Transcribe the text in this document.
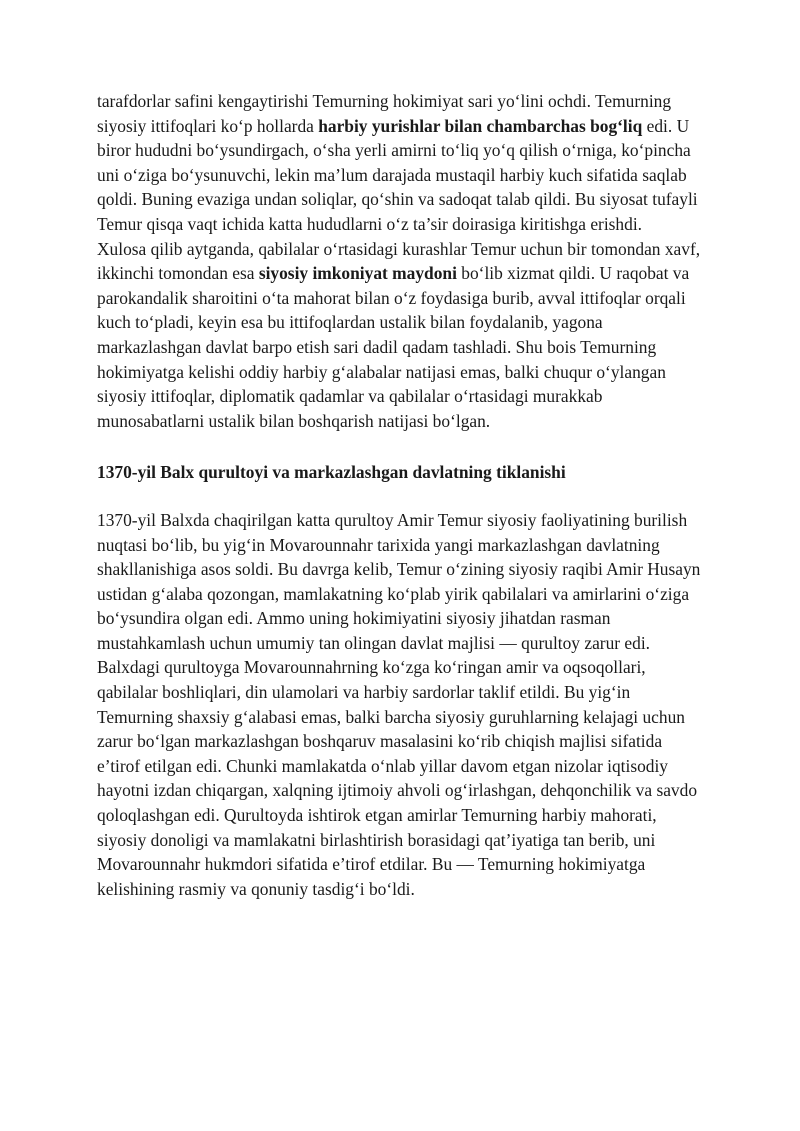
tarafdorlar safini kengaytirishi Temurning hokimiyat sari yo‘lini ochdi. Temurning siyosiy ittifoqlari ko‘p hollarda harbiy yurishlar bilan chambarchas bog‘liq edi. U biror hududni bo‘ysundirgach, o‘sha yerli amirni to‘liq yo‘q qilish o‘rniga, ko‘pincha uni o‘ziga bo‘ysunuvchi, lekin ma’lum darajada mustaqil harbiy kuch sifatida saqlab qoldi. Buning evaziga undan soliqlar, qo‘shin va sadoqat talab qildi. Bu siyosat tufayli Temur qisqa vaqt ichida katta hududlarni o‘z ta’sir doirasiga kiritishga erishdi.

Xulosa qilib aytganda, qabilalar o‘rtasidagi kurashlar Temur uchun bir tomondan xavf, ikkinchi tomondan esa siyosiy imkoniyat maydoni bo‘lib xizmat qildi. U raqobat va parokandalik sharoitini o‘ta mahorat bilan o‘z foydasiga burib, avval ittifoqlar orqali kuch to‘pladi, keyin esa bu ittifoqlardan ustalik bilan foydalanib, yagona markazlashgan davlat barpo etish sari dadil qadam tashladi. Shu bois Temurning hokimiyatga kelishi oddiy harbiy g‘alabalar natijasi emas, balki chuqur o‘ylangan siyosiy ittifoqlar, diplomatik qadamlar va qabilalar o‘rtasidagi murakkab munosabatlarni ustalik bilan boshqarish natijasi bo‘lgan.

1370-yil Balx qurultoyi va markazlashgan davlatning tiklanishi

1370-yil Balxda chaqirilgan katta qurultoy Amir Temur siyosiy faoliyatining burilish nuqtasi bo‘lib, bu yig‘in Movarounnahr tarixida yangi markazlashgan davlatning shakllanishiga asos soldi. Bu davrga kelib, Temur o‘zining siyosiy raqibi Amir Husayn ustidan g‘alaba qozongan, mamlakatning ko‘plab yirik qabilalari va amirlarini o‘ziga bo‘ysundira olgan edi. Ammo uning hokimiyatini siyosiy jihatdan rasman mustahkamlash uchun umumiy tan olingan davlat majlisi — qurultoy zarur edi. Balxdagi qurultoyga Movarounnahrning ko‘zga ko‘ringan amir va oqsoqollari, qabilalar boshliqlari, din ulamolari va harbiy sardorlar taklif etildi. Bu yig‘in Temurning shaxsiy g‘alabasi emas, balki barcha siyosiy guruhlarning kelajagi uchun zarur bo‘lgan markazlashgan boshqaruv masalasini ko‘rib chiqish majlisi sifatida e’tirof etilgan edi. Chunki mamlakatda o‘nlab yillar davom etgan nizolar iqtisodiy hayotni izdan chiqargan, xalqning ijtimoiy ahvoli og‘irlashgan, dehqonchilik va savdo qoloqlashgan edi. Qurultoyda ishtirok etgan amirlar Temurning harbiy mahorati, siyosiy donoligi va mamlakatni birlashtirish borasidagi qat’iyatiga tan berib, uni Movarounnahr hukmdori sifatida e’tirof etdilar. Bu — Temurning hokimiyatga kelishining rasmiy va qonuniy tasdig‘i bo‘ldi.
